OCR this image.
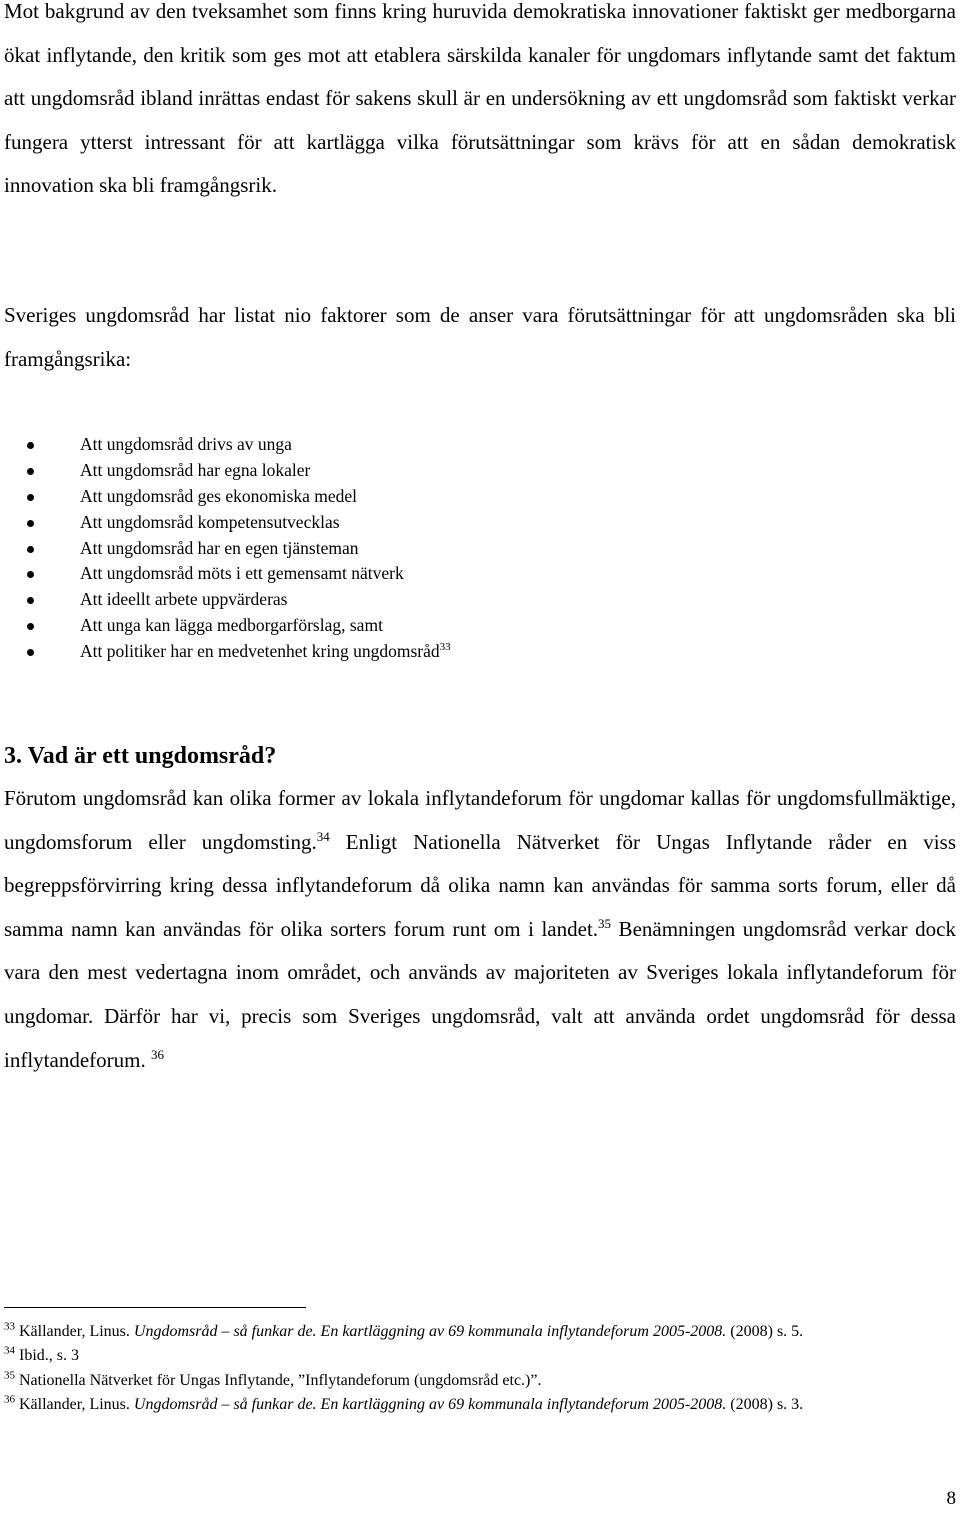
Mot bakgrund av den tveksamhet som finns kring huruvida demokratiska innovationer faktiskt ger medborgarna ökat inflytande, den kritik som ges mot att etablera särskilda kanaler för ungdomars inflytande samt det faktum att ungdomsråd ibland inrättas endast för sakens skull är en undersökning av ett ungdomsråd som faktiskt verkar fungera ytterst intressant för att kartlägga vilka förutsättningar som krävs för att en sådan demokratisk innovation ska bli framgångsrik.

Sveriges ungdomsråd har listat nio faktorer som de anser vara förutsättningar för att ungdomsråden ska bli framgångsrika:

Att ungdomsråd drivs av unga
Att ungdomsråd har egna lokaler
Att ungdomsråd ges ekonomiska medel
Att ungdomsråd kompetensutvecklas
Att ungdomsråd har en egen tjänsteman
Att ungdomsråd möts i ett gemensamt nätverk
Att ideellt arbete uppvärderas
Att unga kan lägga medborgarförslag, samt
Att politiker har en medvetenhet kring ungdomsråd$^{33}$
3. Vad är ett ungdomsråd?

Förutom ungdomsråd kan olika former av lokala inflytandeforum för ungdomar kallas för ungdomsfullmäktige, ungdomsforum eller ungdomsting.$^{34}$ Enligt Nationella Nätverket för Ungas Inflytande råder en viss begreppsförvirring kring dessa inflytandeforum då olika namn kan användas för samma sorts forum, eller då samma namn kan användas för olika sorters forum runt om i landet.$^{35}$ Benämningen ungdomsråd verkar dock vara den mest vedertagna inom området, och används av majoriteten av Sveriges lokala inflytandeforum för ungdomar. Därför har vi, precis som Sveriges ungdomsråd, valt att använda ordet ungdomsråd för dessa inflytandeforum. $^{36}$

$^{33}$ Källander, Linus. Ungdomsråd – så funkar de. En kartläggning av 69 kommunala inflytandeforum 2005-2008. (2008) s. 5.

$^{34}$ Ibid., s. 3

$^{35}$ Nationella Nätverket för Ungas Inflytande, ”Inflytandeforum (ungdomsråd etc.)”.

$^{36}$ Källander, Linus. Ungdomsråd – så funkar de. En kartläggning av 69 kommunala inflytandeforum 2005-2008. (2008) s. 3.

8
